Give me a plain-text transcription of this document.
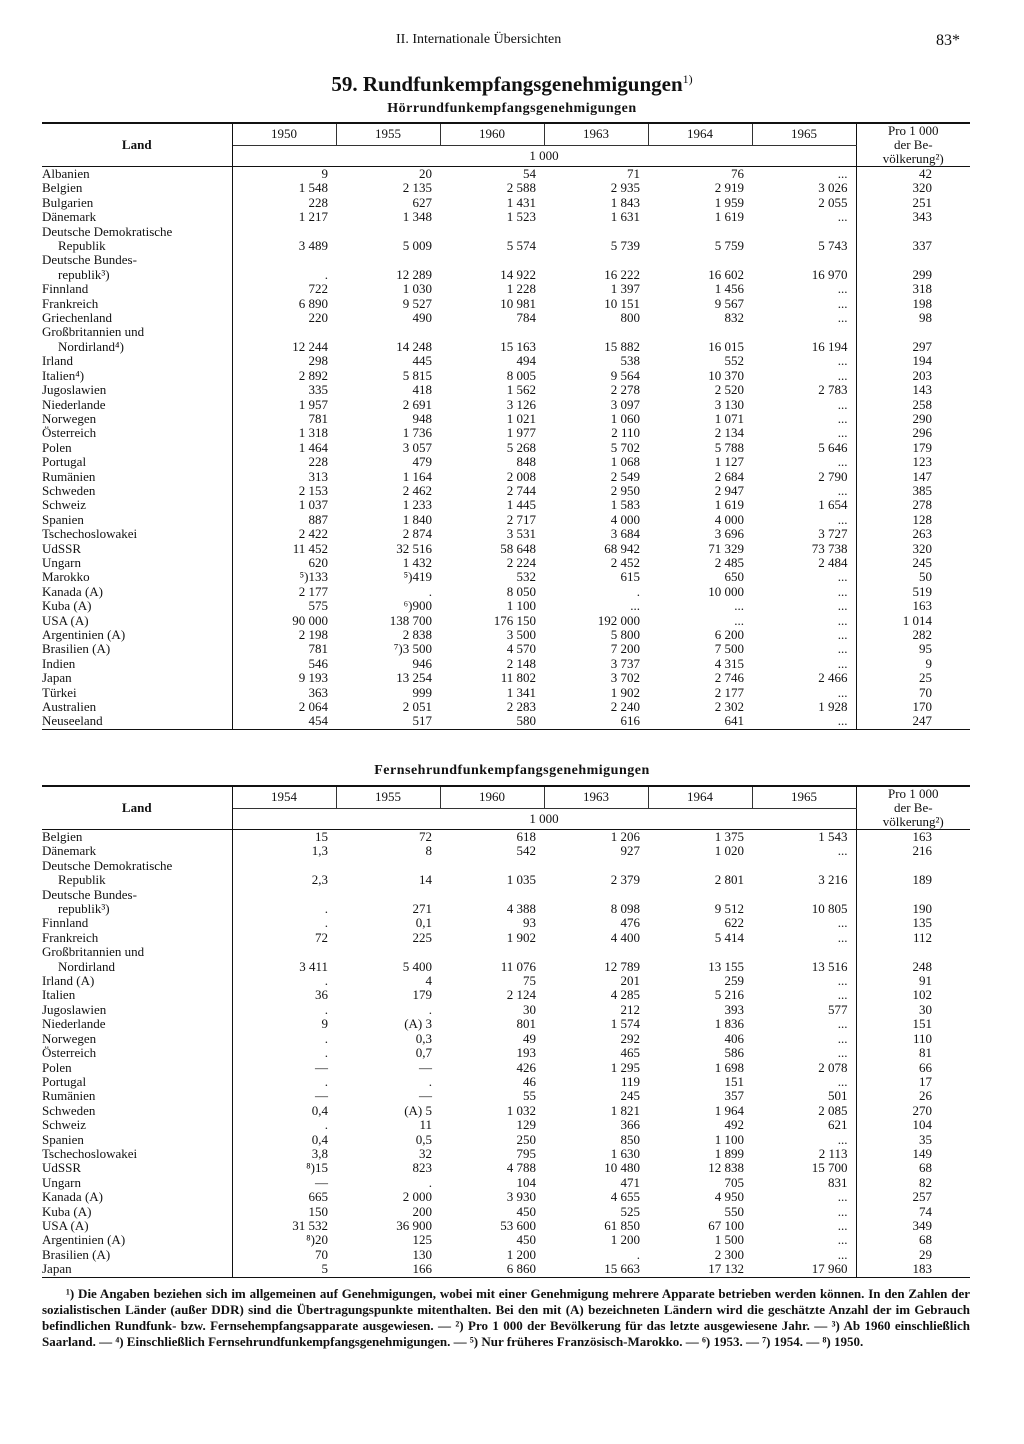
II. Internationale Übersichten	83*
59. Rundfunkempfangsgenehmigungen$^{1)}$
Hörrundfunkempfangsgenehmigungen
Land	1950	1955	1960	1963	1964	1965	Pro 1 000
der Be-
völkerung²)

	1 000						
Albanien	9	20	54	71	76	...	42
Belgien	1 548	2 135	2 588	2 935	2 919	3 026	320
Bulgarien	228	627	1 431	1 843	1 959	2 055	251
Dänemark	1 217	1 348	1 523	1 631	1 619	...	343
Deutsche Demokratische							
Republik	3 489	5 009	5 574	5 739	5 759	5 743	337
Deutsche Bundes-							
republik³)	.	12 289	14 922	16 222	16 602	16 970	299
Finnland	722	1 030	1 228	1 397	1 456	...	318
Frankreich	6 890	9 527	10 981	10 151	9 567	...	198
Griechenland	220	490	784	800	832	...	98
Großbritannien und							
Nordirland⁴)	12 244	14 248	15 163	15 882	16 015	16 194	297
Irland	298	445	494	538	552	...	194
Italien⁴)	2 892	5 815	8 005	9 564	10 370	...	203
Jugoslawien	335	418	1 562	2 278	2 520	2 783	143
Niederlande	1 957	2 691	3 126	3 097	3 130	...	258
Norwegen	781	948	1 021	1 060	1 071	...	290
Österreich	1 318	1 736	1 977	2 110	2 134	...	296
Polen	1 464	3 057	5 268	5 702	5 788	5 646	179
Portugal	228	479	848	1 068	1 127	...	123
Rumänien	313	1 164	2 008	2 549	2 684	2 790	147
Schweden	2 153	2 462	2 744	2 950	2 947	...	385
Schweiz	1 037	1 233	1 445	1 583	1 619	1 654	278
Spanien	887	1 840	2 717	4 000	4 000	...	128
Tschechoslowakei	2 422	2 874	3 531	3 684	3 696	3 727	263
UdSSR	11 452	32 516	58 648	68 942	71 329	73 738	320
Ungarn	620	1 432	2 224	2 452	2 485	2 484	245
Marokko	⁵)133	⁵)419	532	615	650	...	50
Kanada (A)	2 177	.	8 050	.	10 000	...	519
Kuba (A)	575	⁶)900	1 100	...	...	...	163
USA (A)	90 000	138 700	176 150	192 000	...	...	1 014
Argentinien (A)	2 198	2 838	3 500	5 800	6 200	...	282
Brasilien (A)	781	⁷)3 500	4 570	7 200	7 500	...	95
Indien	546	946	2 148	3 737	4 315	...	9
Japan	9 193	13 254	11 802	3 702	2 746	2 466	25
Türkei	363	999	1 341	1 902	2 177	...	70
Australien	2 064	2 051	2 283	2 240	2 302	1 928	170
Neuseeland	454	517	580	616	641	...	247
Fernsehrundfunkempfangsgenehmigungen
Land	1954	1955	1960	1963	1964	1965	Pro 1 000
der Be-
völkerung²)

	1 000						
Belgien	15	72	618	1 206	1 375	1 543	163
Dänemark	1,3	8	542	927	1 020	...	216
Deutsche Demokratische							
Republik	2,3	14	1 035	2 379	2 801	3 216	189
Deutsche Bundes-							
republik³)	.	271	4 388	8 098	9 512	10 805	190
Finnland	.	0,1	93	476	622	...	135
Frankreich	72	225	1 902	4 400	5 414	...	112
Großbritannien und							
Nordirland	3 411	5 400	11 076	12 789	13 155	13 516	248
Irland (A)	.	4	75	201	259	...	91
Italien	36	179	2 124	4 285	5 216	...	102
Jugoslawien	.	.	30	212	393	577	30
Niederlande	9	(A) 3	801	1 574	1 836	...	151
Norwegen	.	0,3	49	292	406	...	110
Österreich	.	0,7	193	465	586	...	81
Polen	—	—	426	1 295	1 698	2 078	66
Portugal	.	.	46	119	151	...	17
Rumänien	—	—	55	245	357	501	26
Schweden	0,4	(A) 5	1 032	1 821	1 964	2 085	270
Schweiz	.	11	129	366	492	621	104
Spanien	0,4	0,5	250	850	1 100	...	35
Tschechoslowakei	3,8	32	795	1 630	1 899	2 113	149
UdSSR	⁸)15	823	4 788	10 480	12 838	15 700	68
Ungarn	—	.	104	471	705	831	82
Kanada (A)	665	2 000	3 930	4 655	4 950	...	257
Kuba (A)	150	200	450	525	550	...	74
USA (A)	31 532	36 900	53 600	61 850	67 100	...	349
Argentinien (A)	⁸)20	125	450	1 200	1 500	...	68
Brasilien (A)	70	130	1 200	.	2 300	...	29
Japan	5	166	6 860	15 663	17 132	17 960	183
¹) Die Angaben beziehen sich im allgemeinen auf Genehmigungen, wobei mit einer Genehmigung mehrere Apparate betrieben werden können. In den Zahlen der sozialistischen Länder (außer DDR) sind die Übertragungspunkte mitenthalten. Bei den mit (A) bezeichneten Ländern wird die geschätzte Anzahl der im Gebrauch befindlichen Rundfunk- bzw. Fernsehempfangsapparate ausgewiesen. — ²) Pro 1 000 der Bevölkerung für das letzte ausgewiesene Jahr. — ³) Ab 1960 einschließlich Saarland. — ⁴) Einschließlich Fernsehrundfunkempfangsgenehmigungen. — ⁵) Nur früheres Französisch-Marokko. — ⁶) 1953. — ⁷) 1954. — ⁸) 1950.
